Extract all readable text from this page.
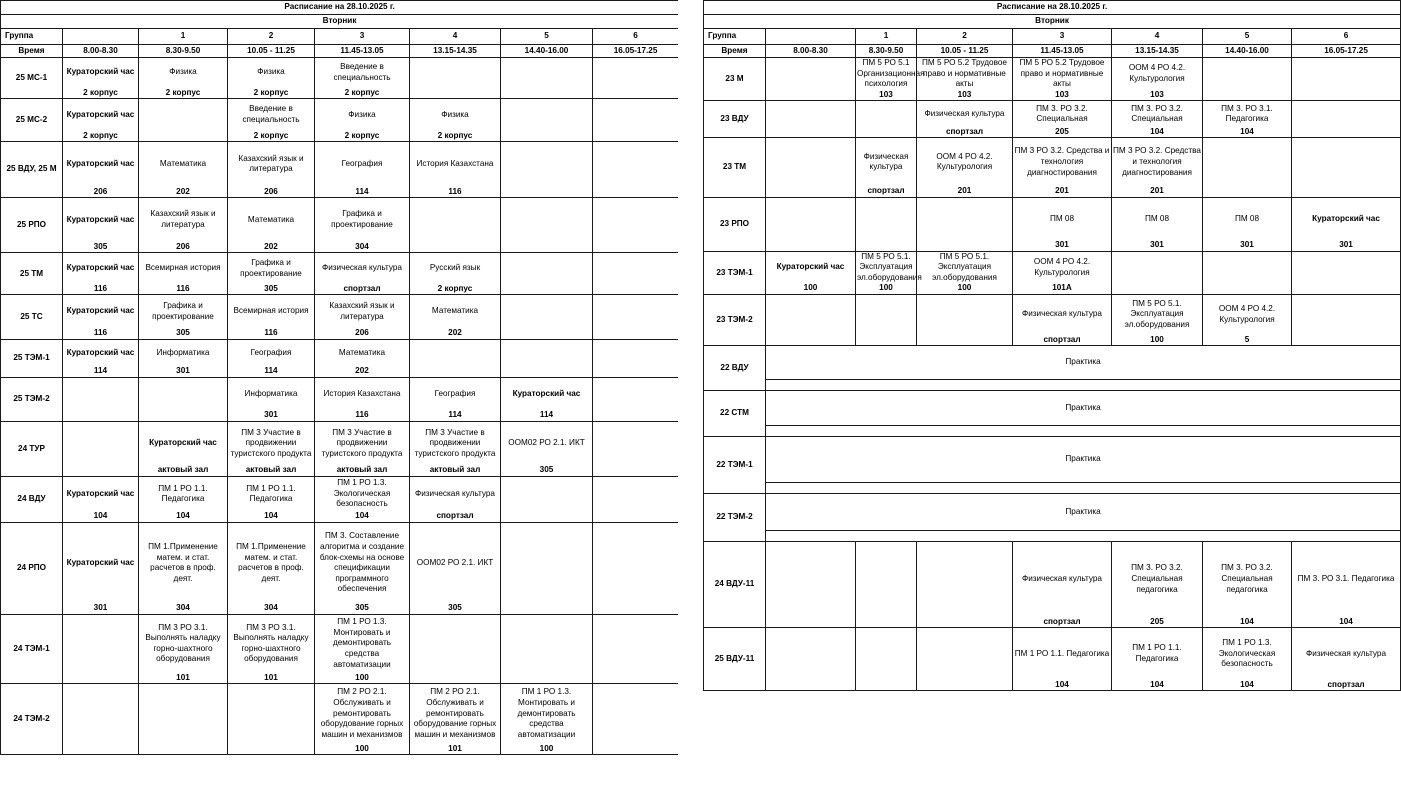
Расписание на 28.10.2025 г.							
Вторник							
Группа		1	2	3	4	5	6
Время	8.00-8.30	8.30-9.50	10.05 - 11.25	11.45-13.05	13.15-14.35	14.40-16.00	16.05-17.25
25 МС-1	Кураторский час	Физика	Физика	Введение в специальность			
	2 корпус	2 корпус	2 корпус	2 корпус			
25 МС-2	Кураторский час		Введение в специальность	Физика	Физика		
	2 корпус		2 корпус	2 корпус	2 корпус		
25 ВДУ, 25 М	Кураторский час	Математика	Казахский язык и литература	География	История Казахстана		
	206	202	206	114	116		
25 РПО	Кураторский час	Казахский язык и литература	Математика	Графика и проектирование			
	305	206	202	304			
25 ТМ	Кураторский час	Всемирная история	Графика и проектирование	Физическая культура	Русский язык		
	116	116	305	спортзал	2 корпус		
25 ТС	Кураторский час	Графика и проектирование	Всемирная история	Казахский язык и литература	Математика		
	116	305	116	206	202		
25 ТЭМ-1	Кураторский час	Информатика	География	Математика			
	114	301	114	202			
25 ТЭМ-2			Информатика	История Казахстана	География	Кураторский час	
			301	116	114	114	
24 ТУР		Кураторский час	ПМ 3 Участие в продвижении туристского продукта	ПМ 3 Участие в продвижении туристского продукта	ПМ 3 Участие в продвижении туристского продукта	ООМ02 РО 2.1. ИКТ	
		актовый зал	актовый зал	актовый зал	актовый зал	305	
24 ВДУ	Кураторский час	ПМ 1 РО 1.1. Педагогика	ПМ 1 РО 1.1. Педагогика	ПМ 1 РО 1.3. Экологическая безопасность	Физическая культура		
	104	104	104	104	спортзал		
24 РПО	Кураторский час	ПМ 1.Применение матем. и стат. расчетов в проф. деят.	ПМ 1.Применение матем. и стат. расчетов в проф. деят.	ПМ 3. Составление алгоритма и создание блок-схемы на основе спецификации программного обеспечения	ООМ02 РО 2.1. ИКТ		
	301	304	304	305	305		
24 ТЭМ-1		ПМ 3 РО 3.1. Выполнять наладку горно-шахтного оборудования	ПМ 3 РО 3.1. Выполнять наладку горно-шахтного оборудования	ПМ 1 РО 1.3. Монтировать и демонтировать средства автоматизации			
		101	101	100			
24 ТЭМ-2				ПМ 2 РО 2.1. Обслуживать и ремонтировать оборудование горных машин и механизмов	ПМ 2 РО 2.1. Обслуживать и ремонтировать оборудование горных машин и механизмов	ПМ 1 РО 1.3. Монтировать и демонтировать средства автоматизации	
				100	101	100	
Расписание на 28.10.2025 г.							
Вторник							
Группа		1	2	3	4	5	6
Время	8.00-8.30	8.30-9.50	10.05 - 11.25	11.45-13.05	13.15-14.35	14.40-16.00	16.05-17.25
23 М		ПМ 5 РО 5.1 Организационная психология	ПМ 5 РО 5.2 Трудовое право и нормативные акты	ПМ 5 РО 5.2 Трудовое право и нормативные акты	ООМ 4 РО 4.2. Культурология		
		103	103	103	103		
23 ВДУ			Физическая культура	ПМ 3. РО 3.2. Специальная	ПМ 3. РО 3.2. Специальная	ПМ 3. РО 3.1. Педагогика	
			спортзал	205	104	104	
23 ТМ		Физическая культура	ООМ 4 РО 4.2. Культурология	ПМ 3 РО 3.2. Средства и технология диагностирования	ПМ 3 РО 3.2. Средства и технология диагностирования		
		спортзал	201	201	201		
23 РПО				ПМ 08	ПМ 08	ПМ 08	Кураторский час
				301	301	301	301
23 ТЭМ-1	Кураторский час	ПМ 5 РО 5.1. Эксплуатация эл.оборудования	ПМ 5 РО 5.1. Эксплуатация эл.оборудования	ООМ 4 РО 4.2. Культурология			
	100	100	100	101А			
23 ТЭМ-2				Физическая культура	ПМ 5 РО 5.1. Эксплуатация эл.оборудования	ООМ 4 РО 4.2. Культурология	
				спортзал	100	5	
22 ВДУ	Практика						

22 СТМ	Практика						

22 ТЭМ-1	Практика						

22 ТЭМ-2	Практика						

24 ВДУ-11				Физическая культура	ПМ 3. РО 3.2. Специальная педагогика	ПМ 3. РО 3.2. Специальная педагогика	ПМ 3. РО 3.1. Педагогика
				спортзал	205	104	104
25 ВДУ-11				ПМ 1 РО 1.1. Педагогика	ПМ 1 РО 1.1. Педагогика	ПМ 1 РО 1.3. Экологическая безопасность	Физическая культура
				104	104	104	спортзал
